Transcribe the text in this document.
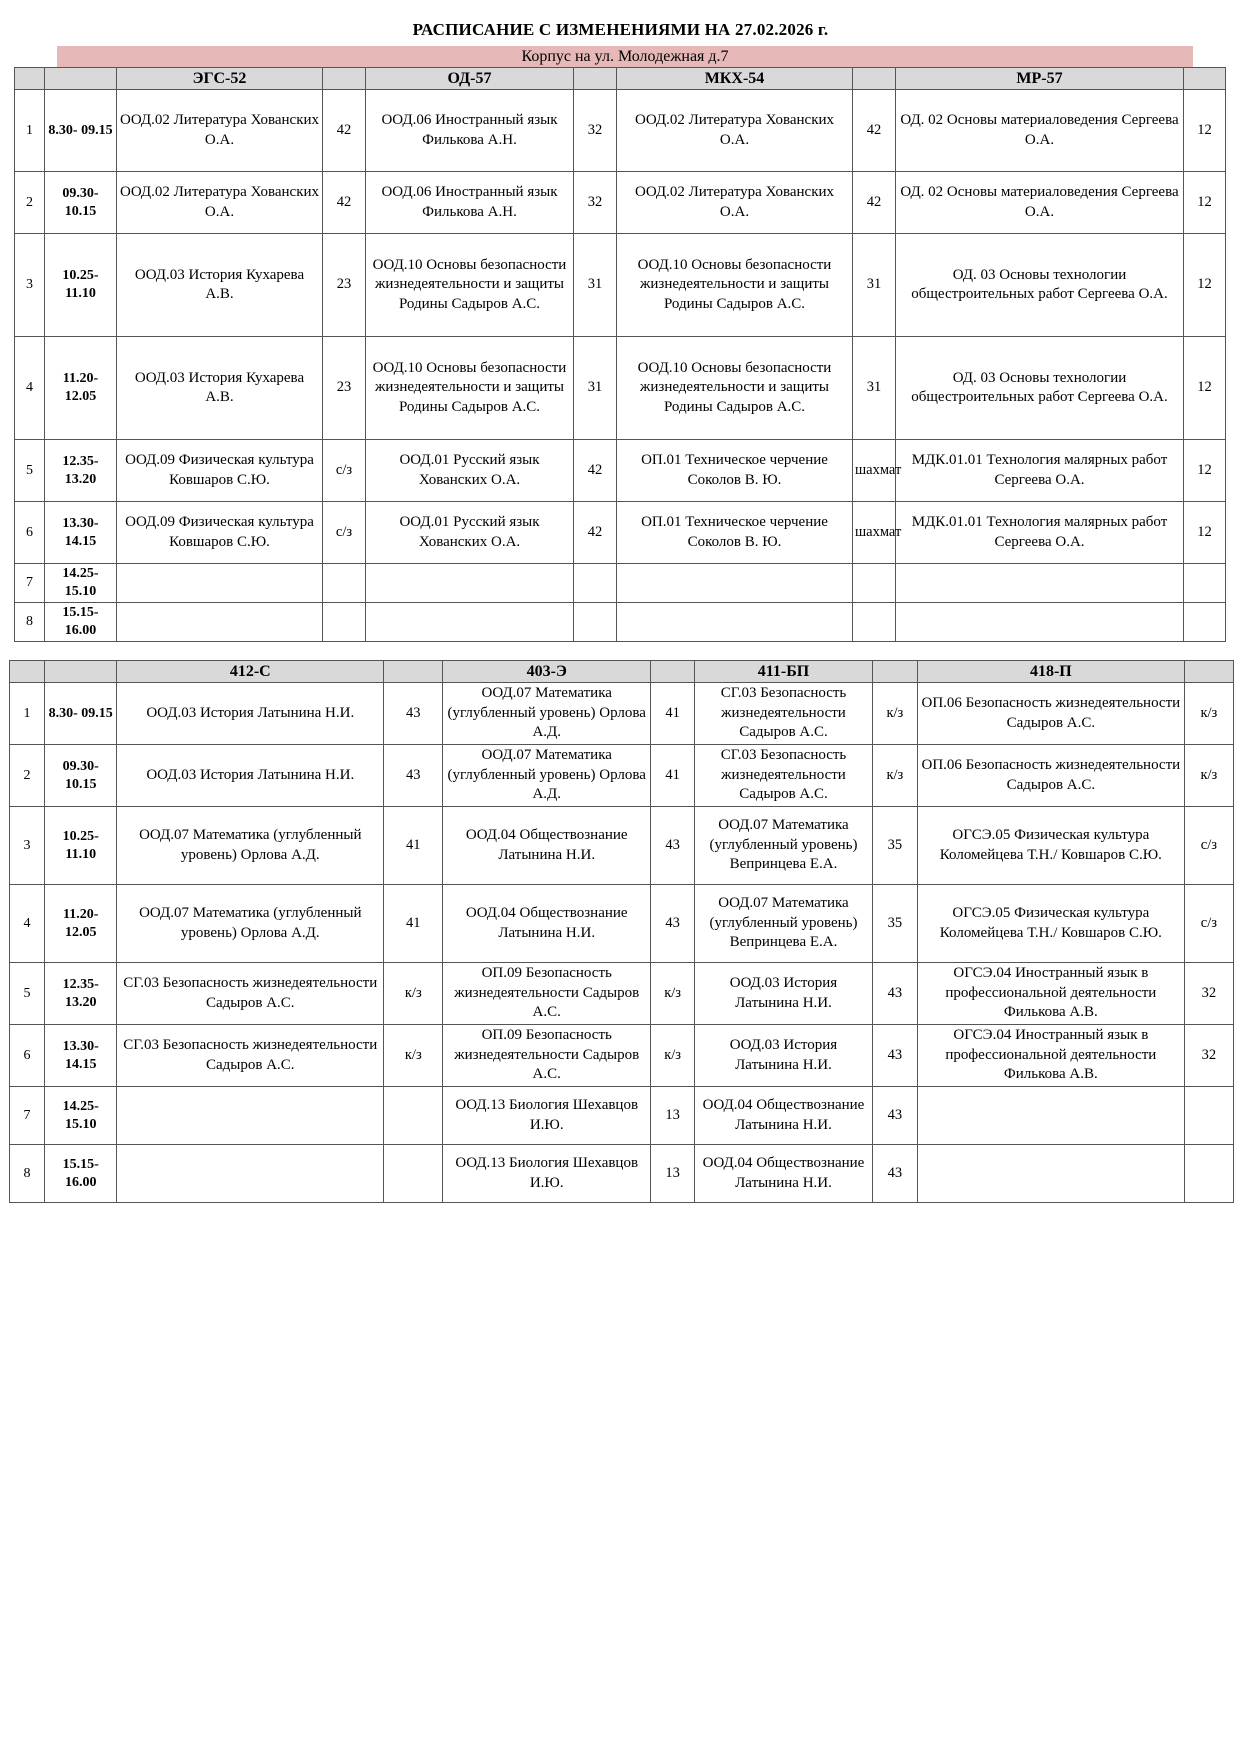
РАСПИСАНИЕ С ИЗМЕНЕНИЯМИ НА 27.02.2026 г.
Корпус на ул. Молодежная д.7
		ЭГС-52		ОД-57		МКХ-54		МР-57	
1	8.30- 09.15	ООД.02 Литература Хованских О.А.	42	ООД.06 Иностранный язык Филькова А.Н.	32	ООД.02 Литература Хованских О.А.	42	ОД. 02 Основы материаловедения Сергеева О.А.	12
2	09.30- 10.15	ООД.02 Литература Хованских О.А.	42	ООД.06 Иностранный язык Филькова А.Н.	32	ООД.02 Литература Хованских О.А.	42	ОД. 02 Основы материаловедения Сергеева О.А.	12
3	10.25- 11.10	ООД.03 История Кухарева А.В.	23	ООД.10 Основы безопасности жизнедеятельности и защиты Родины Садыров А.С.	31	ООД.10 Основы безопасности жизнедеятельности и защиты Родины Садыров А.С.	31	ОД. 03 Основы технологии общестроительных работ Сергеева О.А.	12
4	11.20- 12.05	ООД.03 История Кухарева А.В.	23	ООД.10 Основы безопасности жизнедеятельности и защиты Родины Садыров А.С.	31	ООД.10 Основы безопасности жизнедеятельности и защиты Родины Садыров А.С.	31	ОД. 03 Основы технологии общестроительных работ Сергеева О.А.	12
5	12.35- 13.20	ООД.09 Физическая культура Ковшаров С.Ю.	с/з	ООД.01 Русский язык Хованских О.А.	42	ОП.01 Техническое черчение Соколов В. Ю.	шахмат	МДК.01.01 Технология малярных работ Сергеева О.А.	12
6	13.30- 14.15	ООД.09 Физическая культура Ковшаров С.Ю.	с/з	ООД.01 Русский язык Хованских О.А.	42	ОП.01 Техническое черчение Соколов В. Ю.	шахмат	МДК.01.01 Технология малярных работ Сергеева О.А.	12
7	14.25- 15.10								
8	15.15- 16.00								
		412-С		403-Э		411-БП		418-П	
1	8.30- 09.15	ООД.03 История Латынина Н.И.	43	ООД.07 Математика (углубленный уровень) Орлова А.Д.	41	СГ.03 Безопасность жизнедеятельности Садыров А.С.	к/з	ОП.06 Безопасность жизнедеятельности Садыров А.С.	к/з
2	09.30- 10.15	ООД.03 История Латынина Н.И.	43	ООД.07 Математика (углубленный уровень) Орлова А.Д.	41	СГ.03 Безопасность жизнедеятельности Садыров А.С.	к/з	ОП.06 Безопасность жизнедеятельности Садыров А.С.	к/з
3	10.25- 11.10	ООД.07 Математика (углубленный уровень) Орлова А.Д.	41	ООД.04 Обществознание Латынина Н.И.	43	ООД.07 Математика (углубленный уровень) Вепринцева Е.А.	35	ОГСЭ.05 Физическая культура Коломейцева Т.Н./ Ковшаров С.Ю.	с/з
4	11.20- 12.05	ООД.07 Математика (углубленный уровень) Орлова А.Д.	41	ООД.04 Обществознание Латынина Н.И.	43	ООД.07 Математика (углубленный уровень) Вепринцева Е.А.	35	ОГСЭ.05 Физическая культура Коломейцева Т.Н./ Ковшаров С.Ю.	с/з
5	12.35- 13.20	СГ.03 Безопасность жизнедеятельности Садыров А.С.	к/з	ОП.09 Безопасность жизнедеятельности Садыров А.С.	к/з	ООД.03 История Латынина Н.И.	43	ОГСЭ.04 Иностранный язык в профессиональной деятельности Филькова А.В.	32
6	13.30- 14.15	СГ.03 Безопасность жизнедеятельности Садыров А.С.	к/з	ОП.09 Безопасность жизнедеятельности Садыров А.С.	к/з	ООД.03 История Латынина Н.И.	43	ОГСЭ.04 Иностранный язык в профессиональной деятельности Филькова А.В.	32
7	14.25- 15.10			ООД.13 Биология Шехавцов И.Ю.	13	ООД.04 Обществознание Латынина Н.И.	43		
8	15.15- 16.00			ООД.13 Биология Шехавцов И.Ю.	13	ООД.04 Обществознание Латынина Н.И.	43		
